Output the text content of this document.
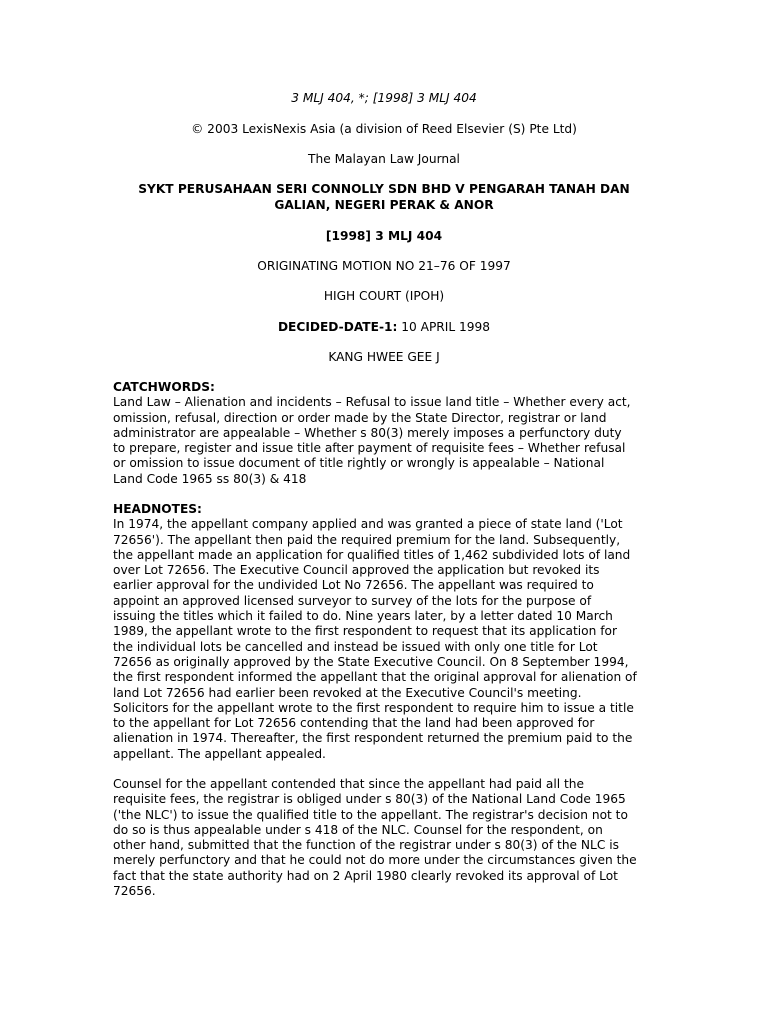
3 MLJ 404, *; [1998] 3 MLJ 404
© 2003 LexisNexis Asia (a division of Reed Elsevier (S) Pte Ltd)
The Malayan Law Journal
SYKT PERUSAHAAN SERI CONNOLLY SDN BHD V PENGARAH TANAH DAN
GALIAN, NEGERI PERAK & ANOR
[1998] 3 MLJ 404
ORIGINATING MOTION NO 21–76 OF 1997
HIGH COURT (IPOH)
DECIDED-DATE-1: 10 APRIL 1998
KANG HWEE GEE J
CATCHWORDS:
Land Law – Alienation and incidents – Refusal to issue land title – Whether every act,
omission, refusal, direction or order made by the State Director, registrar or land
administrator are appealable – Whether s 80(3) merely imposes a perfunctory duty
to prepare, register and issue title after payment of requisite fees – Whether refusal
or omission to issue document of title rightly or wrongly is appealable – National
Land Code 1965 ss 80(3) & 418
HEADNOTES:
In 1974, the appellant company applied and was granted a piece of state land ('Lot
72656'). The appellant then paid the required premium for the land. Subsequently,
the appellant made an application for qualified titles of 1,462 subdivided lots of land
over Lot 72656. The Executive Council approved the application but revoked its
earlier approval for the undivided Lot No 72656. The appellant was required to
appoint an approved licensed surveyor to survey of the lots for the purpose of
issuing the titles which it failed to do. Nine years later, by a letter dated 10 March
1989, the appellant wrote to the first respondent to request that its application for
the individual lots be cancelled and instead be issued with only one title for Lot
72656 as originally approved by the State Executive Council. On 8 September 1994,
the first respondent informed the appellant that the original approval for alienation of
land Lot 72656 had earlier been revoked at the Executive Council's meeting.
Solicitors for the appellant wrote to the first respondent to require him to issue a title
to the appellant for Lot 72656 contending that the land had been approved for
alienation in 1974. Thereafter, the first respondent returned the premium paid to the
appellant. The appellant appealed.
Counsel for the appellant contended that since the appellant had paid all the
requisite fees, the registrar is obliged under s 80(3) of the National Land Code 1965
('the NLC') to issue the qualified title to the appellant. The registrar's decision not to
do so is thus appealable under s 418 of the NLC. Counsel for the respondent, on
other hand, submitted that the function of the registrar under s 80(3) of the NLC is
merely perfunctory and that he could not do more under the circumstances given the
fact that the state authority had on 2 April 1980 clearly revoked its approval of Lot
72656.
